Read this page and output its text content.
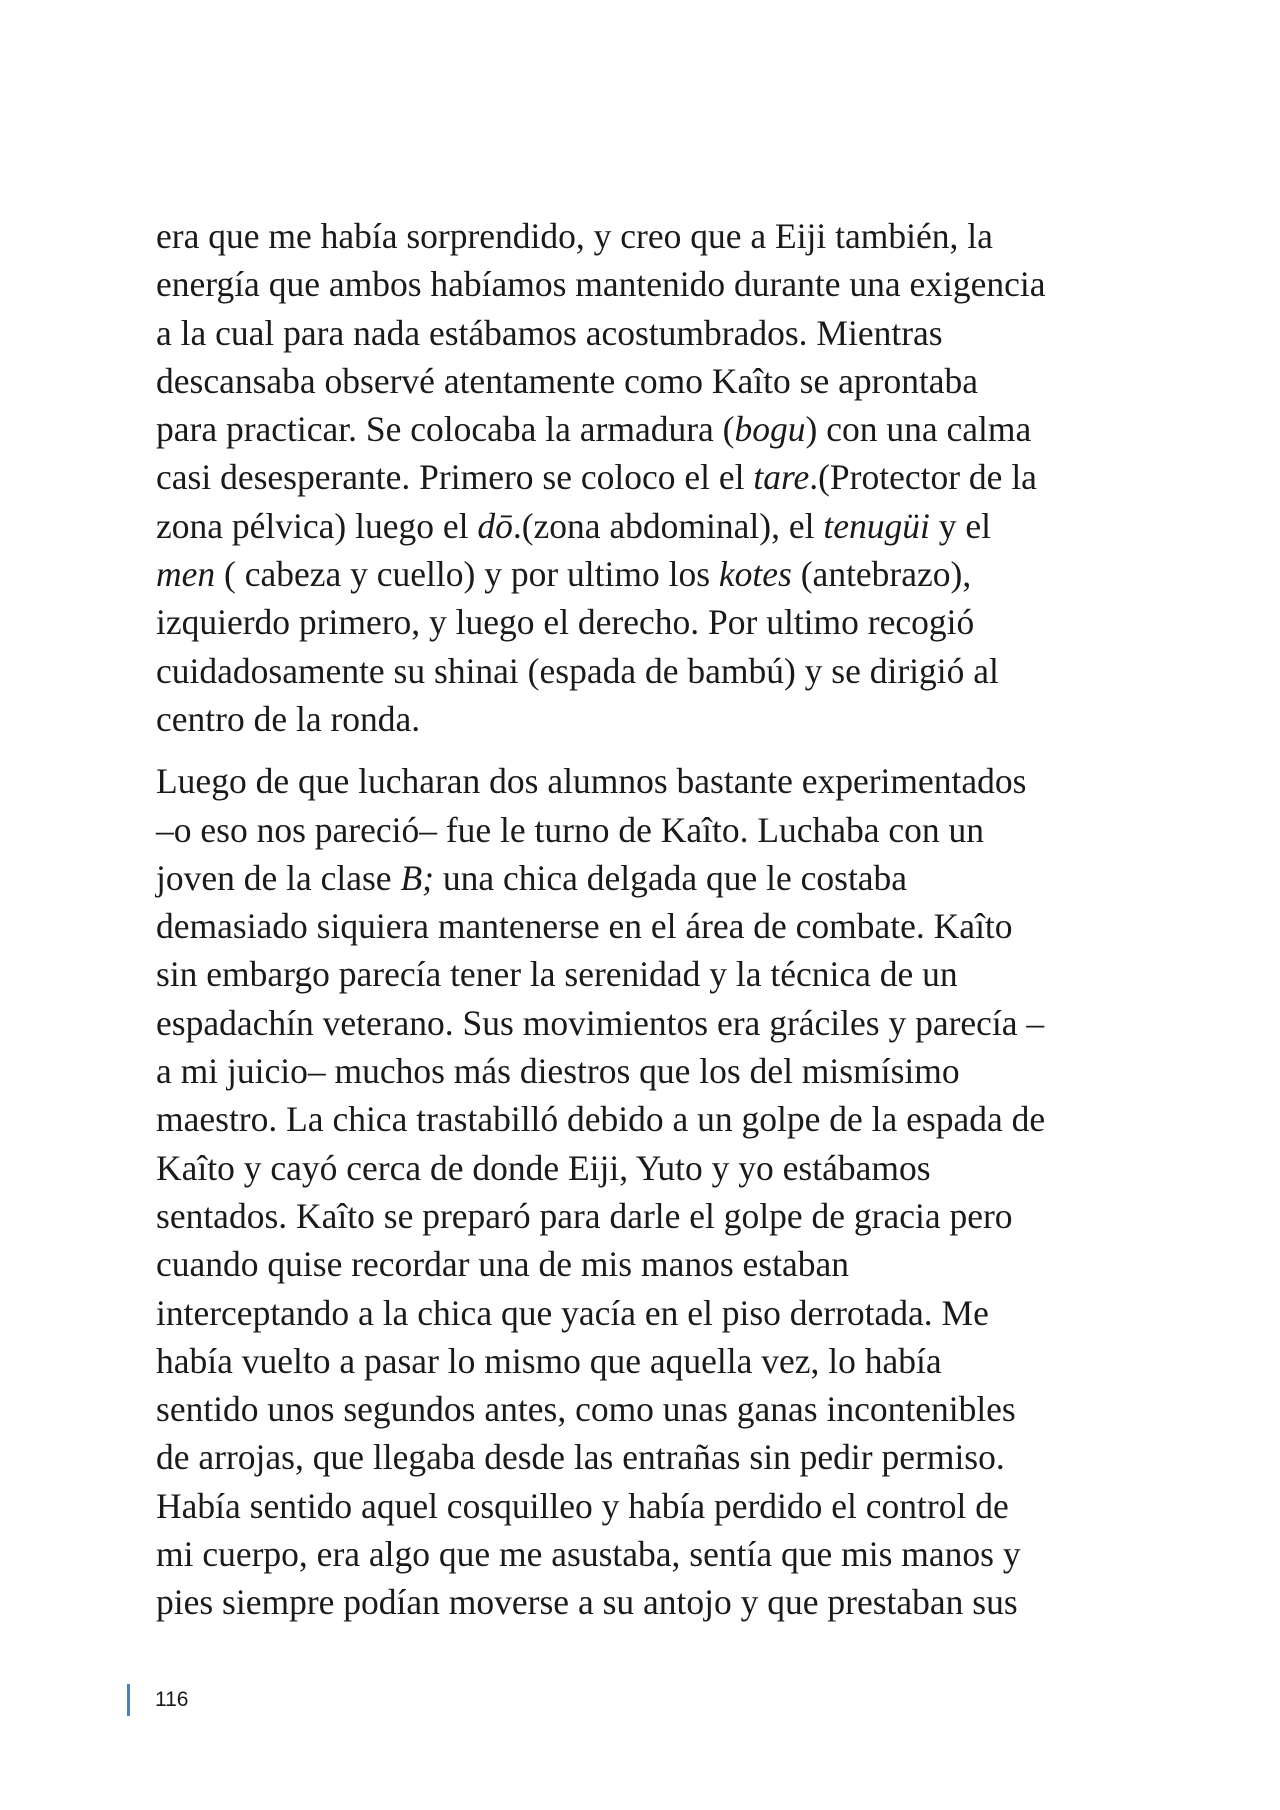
era que me había sorprendido, y creo que a Eiji también, la
energía que ambos habíamos mantenido durante una exigencia
a la cual para nada estábamos acostumbrados. Mientras
descansaba observé atentamente como Kaîto se aprontaba
para practicar. Se colocaba la armadura (bogu) con una calma
casi desesperante. Primero se coloco el el tare.(Protector de la
zona pélvica) luego el dō.(zona abdominal), el tenugüi y el
men ( cabeza y cuello) y por ultimo los kotes (antebrazo),
izquierdo primero, y luego el derecho. Por ultimo recogió
cuidadosamente su shinai (espada de bambú) y se dirigió al
centro de la ronda.

Luego de que lucharan dos alumnos bastante experimentados
–o eso nos pareció– fue le turno de Kaîto. Luchaba con un
joven de la clase B; una chica delgada que le costaba
demasiado siquiera mantenerse en el área de combate. Kaîto
sin embargo parecía tener la serenidad y la técnica de un
espadachín veterano. Sus movimientos era gráciles y parecía –
a mi juicio– muchos más diestros que los del mismísimo
maestro. La chica trastabilló debido a un golpe de la espada de
Kaîto y cayó cerca de donde Eiji, Yuto y yo estábamos
sentados. Kaîto se preparó para darle el golpe de gracia pero
cuando quise recordar una de mis manos estaban
interceptando a la chica que yacía en el piso derrotada. Me
había vuelto a pasar lo mismo que aquella vez, lo había
sentido unos segundos antes, como unas ganas incontenibles
de arrojas, que llegaba desde las entrañas sin pedir permiso.
Había sentido aquel cosquilleo y había perdido el control de
mi cuerpo, era algo que me asustaba, sentía que mis manos y
pies siempre podían moverse a su antojo y que prestaban sus

116
